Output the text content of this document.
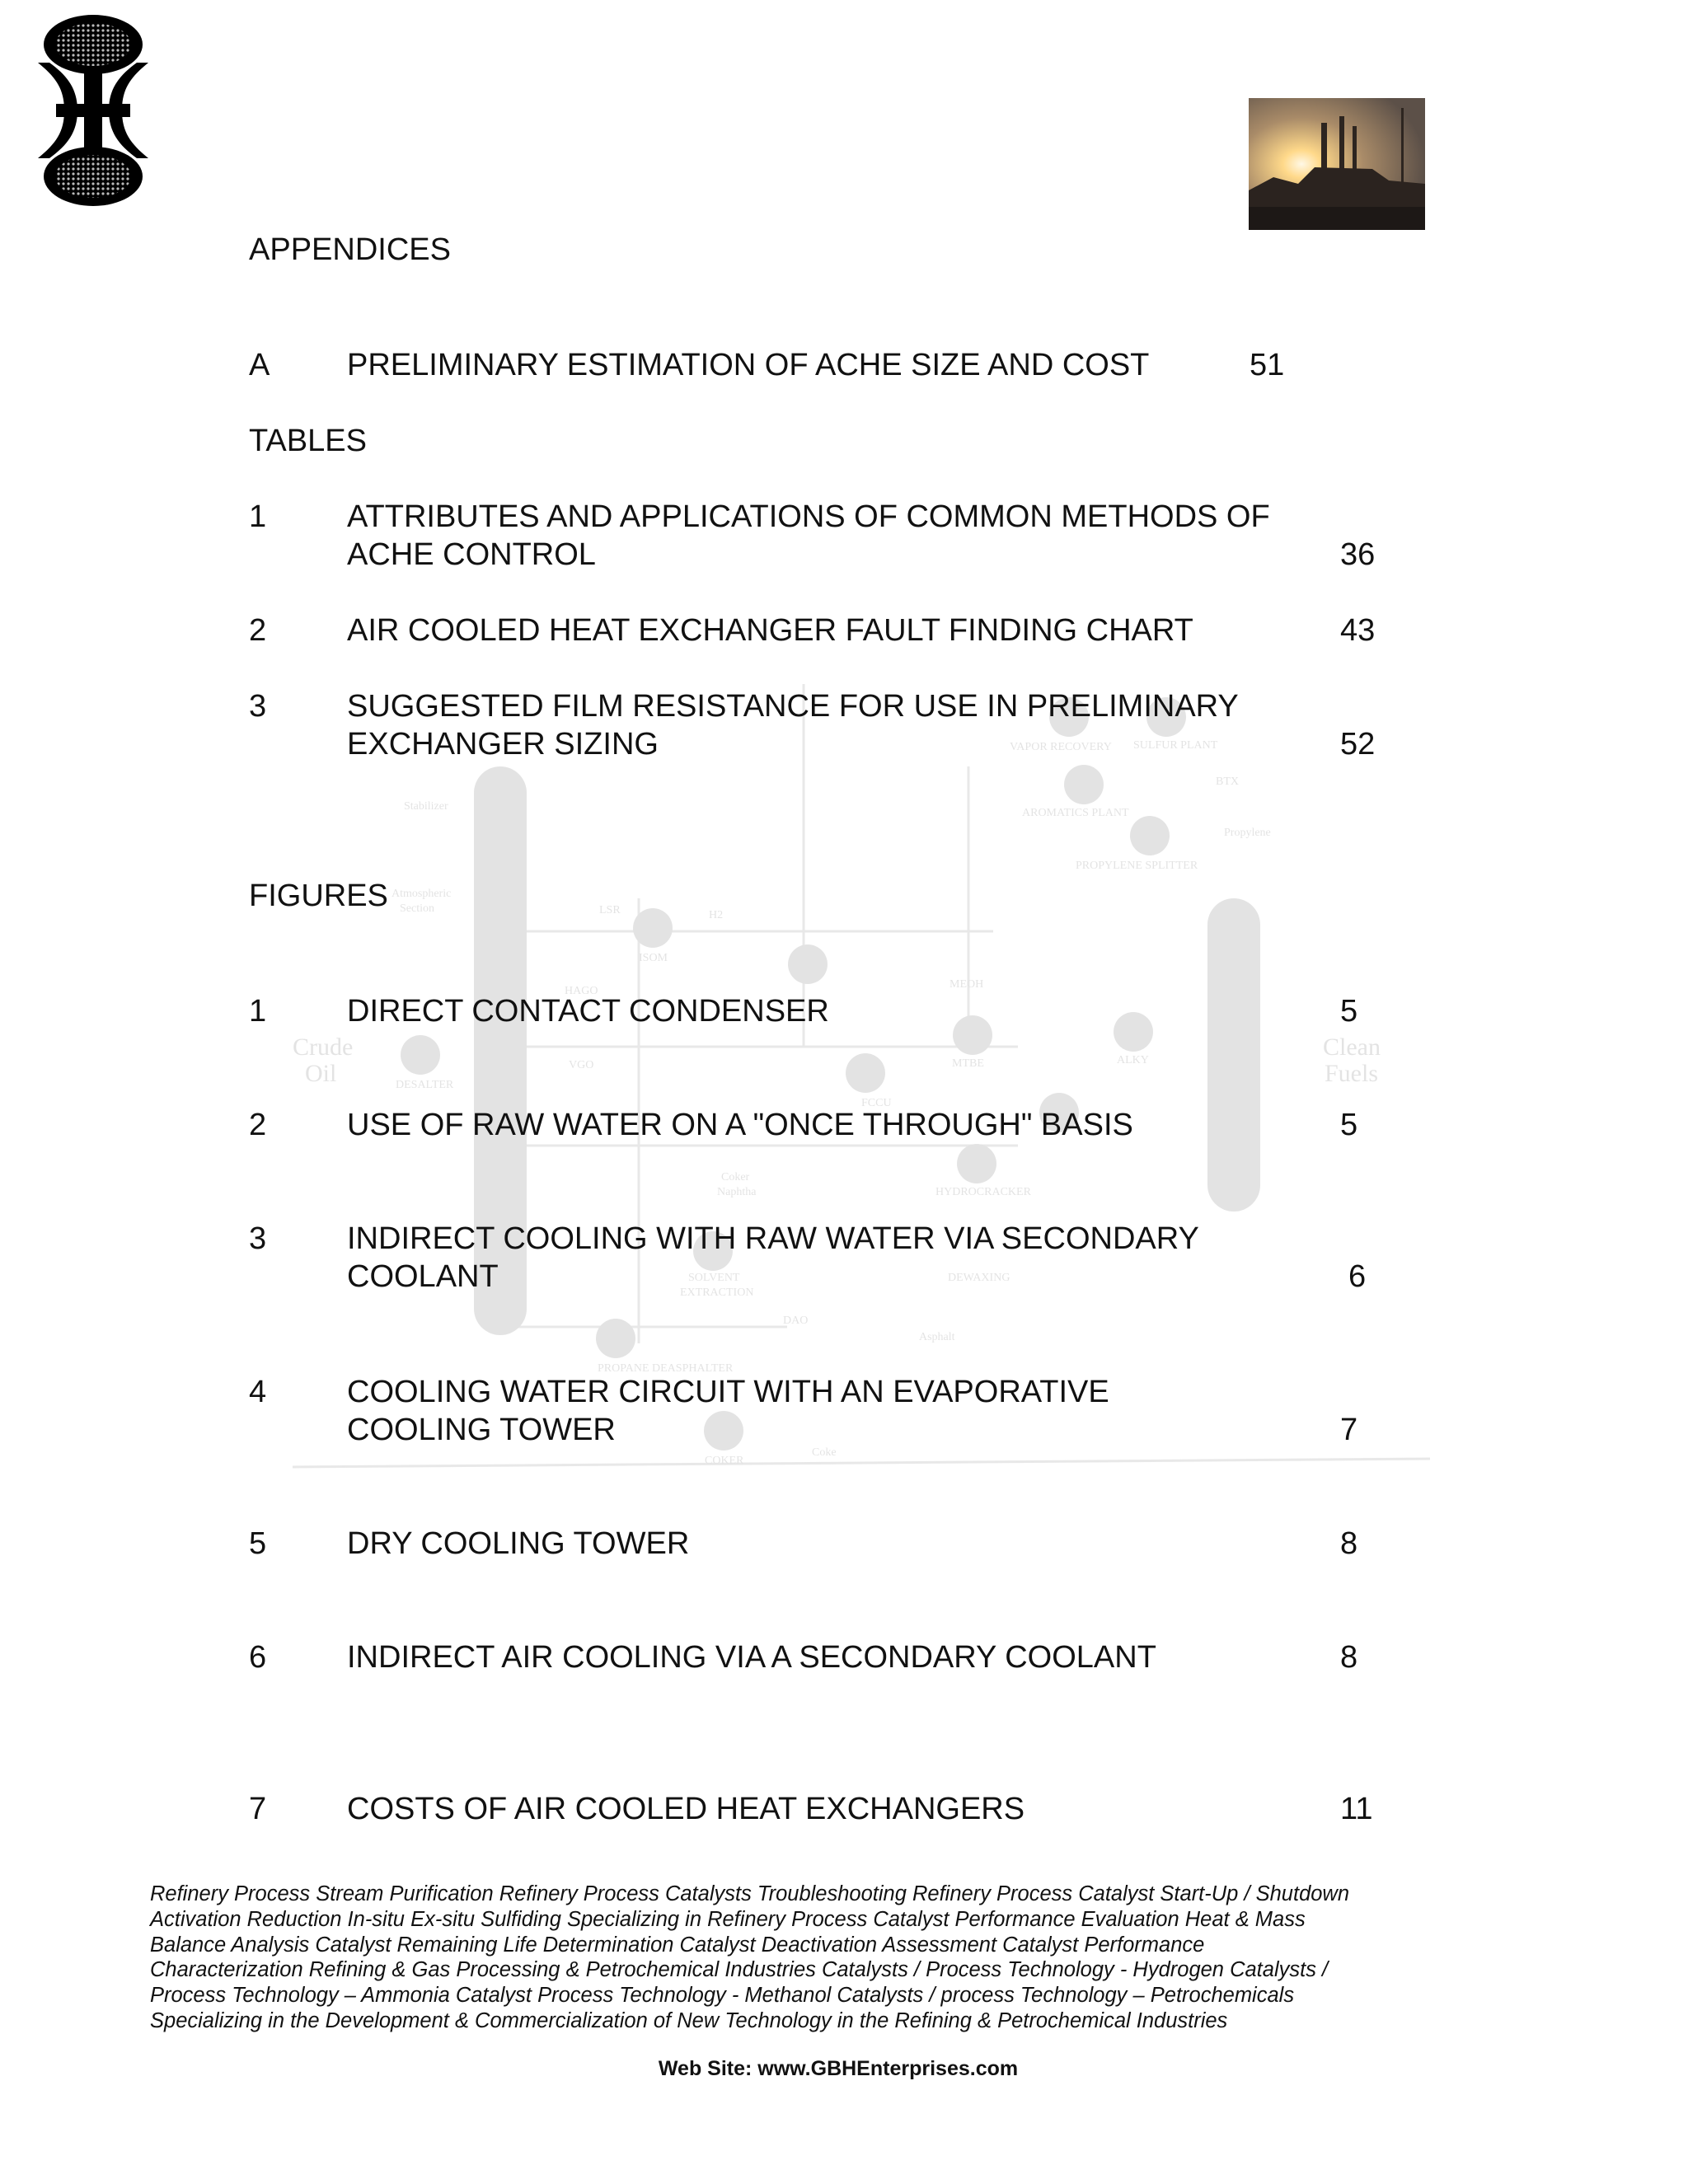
Crude
Oil
Clean
Fuels
DESALTER
ISOM
MTBE	ALKY
FCCU
HYDROCRACKER
DEWAXING
SOLVENT
EXTRACTION
PROPANE DEASPHALTER
COKER
Coke
Asphalt
DAO
VAPOR RECOVERY SULFUR PLANT
AROMATICS PLANT
PROPYLENE SPLITTER
BTX
Propylene
Stabilizer
Atmospheric
Section	LSR	H2
HAGO
VGO
MEOH
Coker
Naphtha
APPENDICES
TABLES
FIGURES
A PRELIMINARY ESTIMATION OF ACHE SIZE AND COST	51
1	ATTRIBUTES AND APPLICATIONS OF COMMON METHODS OF
ACHE CONTROL	36
2	AIR COOLED HEAT EXCHANGER FAULT FINDING CHART	43
3	SUGGESTED FILM RESISTANCE FOR USE IN PRELIMINARY
EXCHANGER SIZING	52
1	DIRECT CONTACT CONDENSER	5
2	USE OF RAW WATER ON A "ONCE THROUGH" BASIS	5
3	INDIRECT COOLING WITH RAW WATER VIA SECONDARY
COOLANT	6
4	COOLING WATER CIRCUIT WITH AN EVAPORATIVE
COOLING TOWER	7
5	DRY COOLING TOWER	8
6	INDIRECT AIR COOLING VIA A SECONDARY COOLANT	8
7	COSTS OF AIR COOLED HEAT EXCHANGERS	11
Refinery Process Stream Purification Refinery Process Catalysts Troubleshooting Refinery Process Catalyst Start-Up / Shutdown
Activation Reduction In-situ Ex-situ Sulfiding Specializing in Refinery Process Catalyst Performance Evaluation Heat & Mass
Balance Analysis Catalyst Remaining Life Determination Catalyst Deactivation Assessment Catalyst Performance
Characterization Refining & Gas Processing & Petrochemical Industries Catalysts / Process Technology - Hydrogen Catalysts /
Process Technology – Ammonia Catalyst Process Technology - Methanol Catalysts / process Technology – Petrochemicals
Specializing in the Development & Commercialization of New Technology in the Refining & Petrochemical Industries
Web Site: www.GBHEnterprises.com
